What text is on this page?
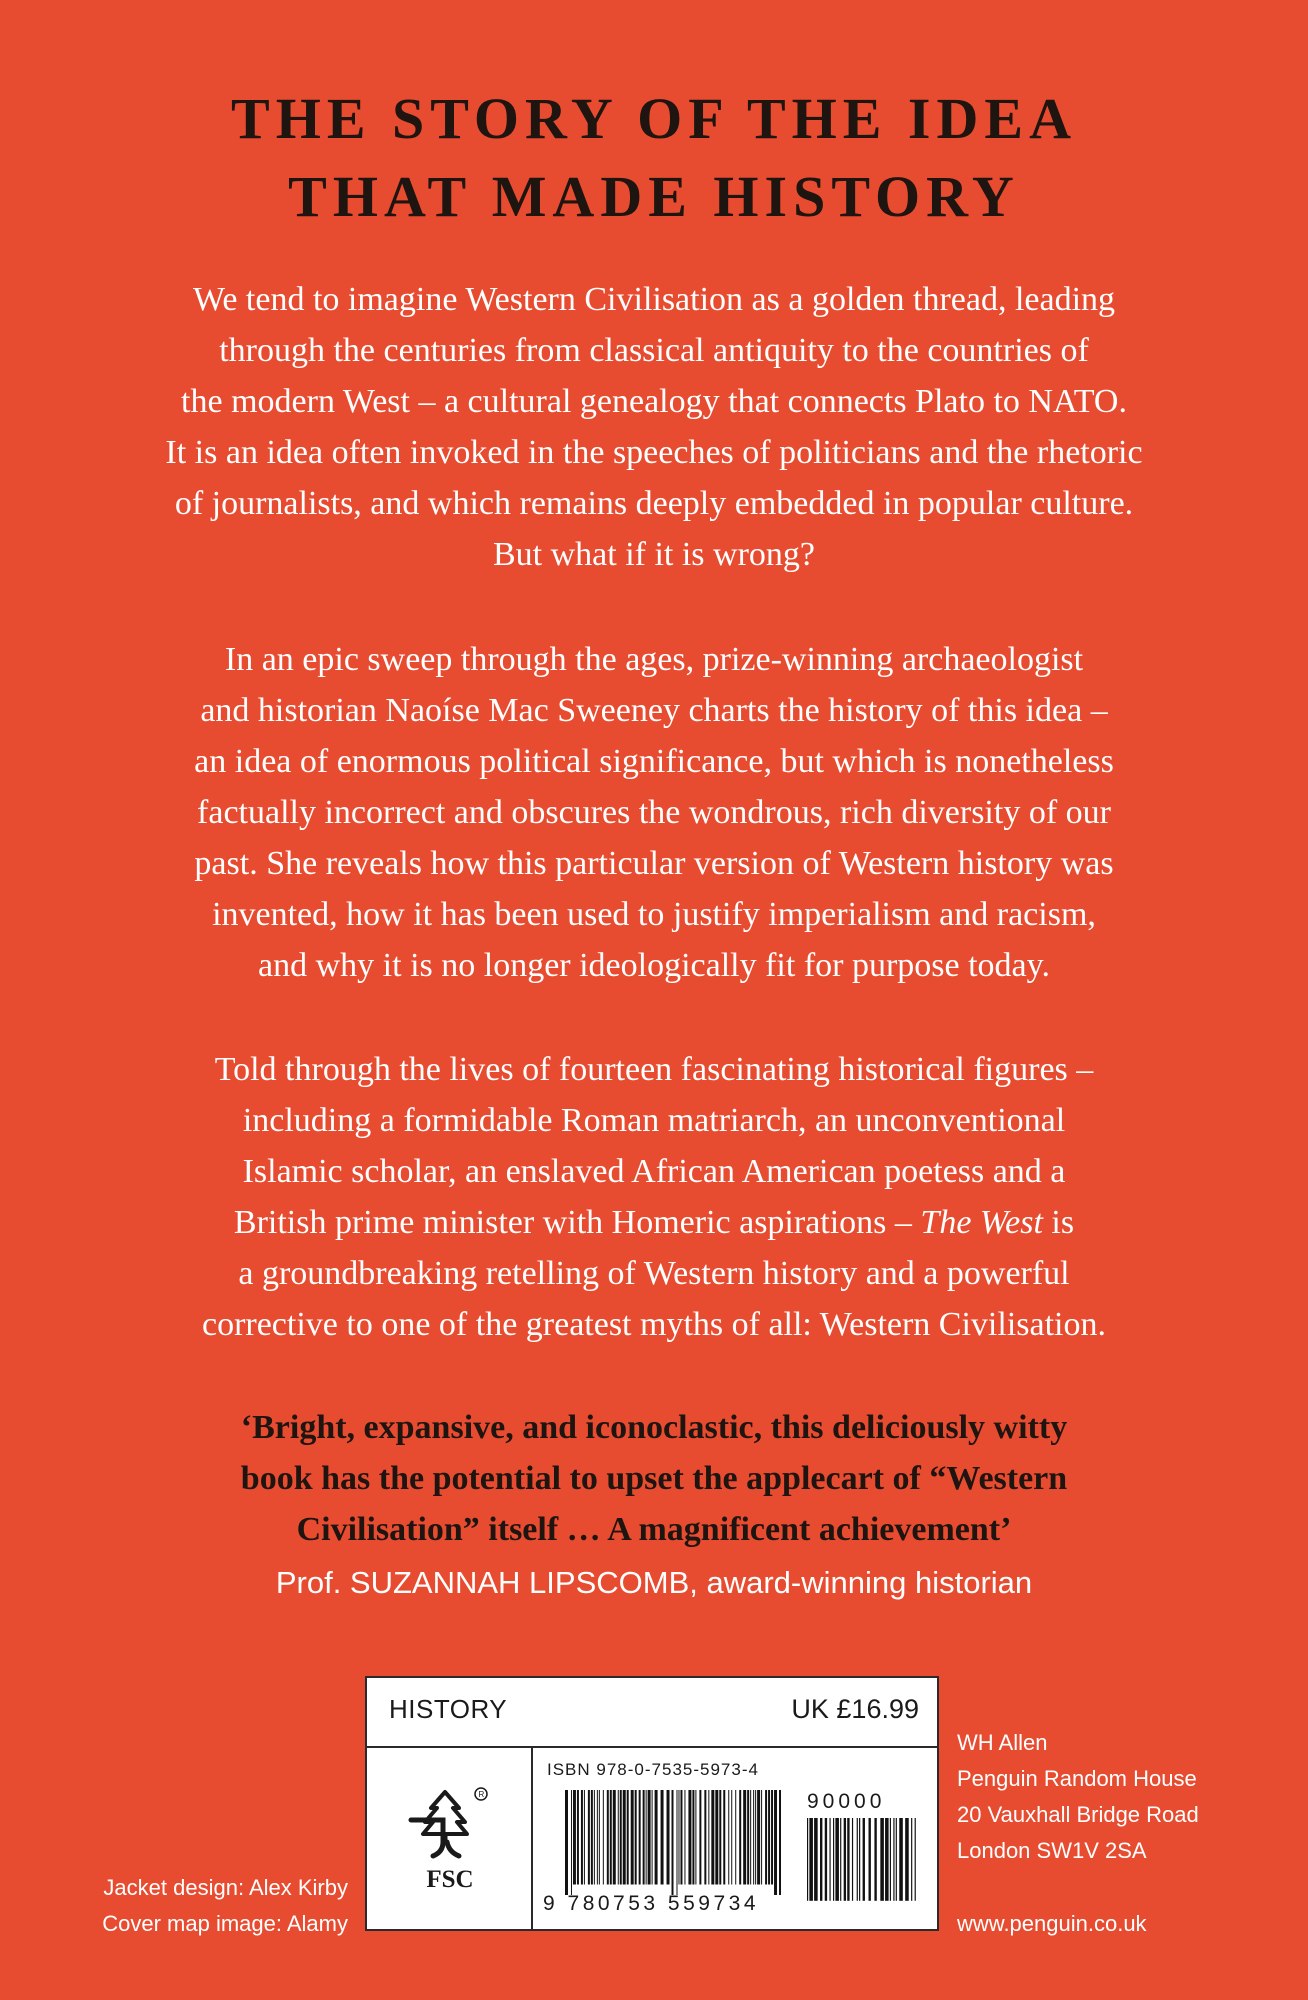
THE STORY OF THE IDEA
THAT MADE HISTORY

We tend to imagine Western Civilisation as a golden thread, leading
through the centuries from classical antiquity to the countries of
the modern West – a cultural genealogy that connects Plato to NATO.
It is an idea often invoked in the speeches of politicians and the rhetoric
of journalists, and which remains deeply embedded in popular culture.
But what if it is wrong?

In an epic sweep through the ages, prize-winning archaeologist
and historian Naoíse Mac Sweeney charts the history of this idea –
an idea of enormous political significance, but which is nonetheless
factually incorrect and obscures the wondrous, rich diversity of our
past. She reveals how this particular version of Western history was
invented, how it has been used to justify imperialism and racism,
and why it is no longer ideologically fit for purpose today.

Told through the lives of fourteen fascinating historical figures –
including a formidable Roman matriarch, an unconventional
Islamic scholar, an enslaved African American poetess and a
British prime minister with Homeric aspirations – The West is
a groundbreaking retelling of Western history and a powerful
corrective to one of the greatest myths of all: Western Civilisation.

‘Bright, expansive, and iconoclastic, this deliciously witty
book has the potential to upset the applecart of “Western
Civilisation” itself … A magnificent achievement’

Prof. SUZANNAH LIPSCOMB, award-winning historian

Jacket design: Alex Kirby
Cover map image: Alamy
HISTORY	UK £16.99
R
FSC
ISBN 978-0-7535-5973-4
9 780753 559734
90000
WH Allen
Penguin Random House
20 Vauxhall Bridge Road
London SW1V 2SA
www.penguin.co.uk
